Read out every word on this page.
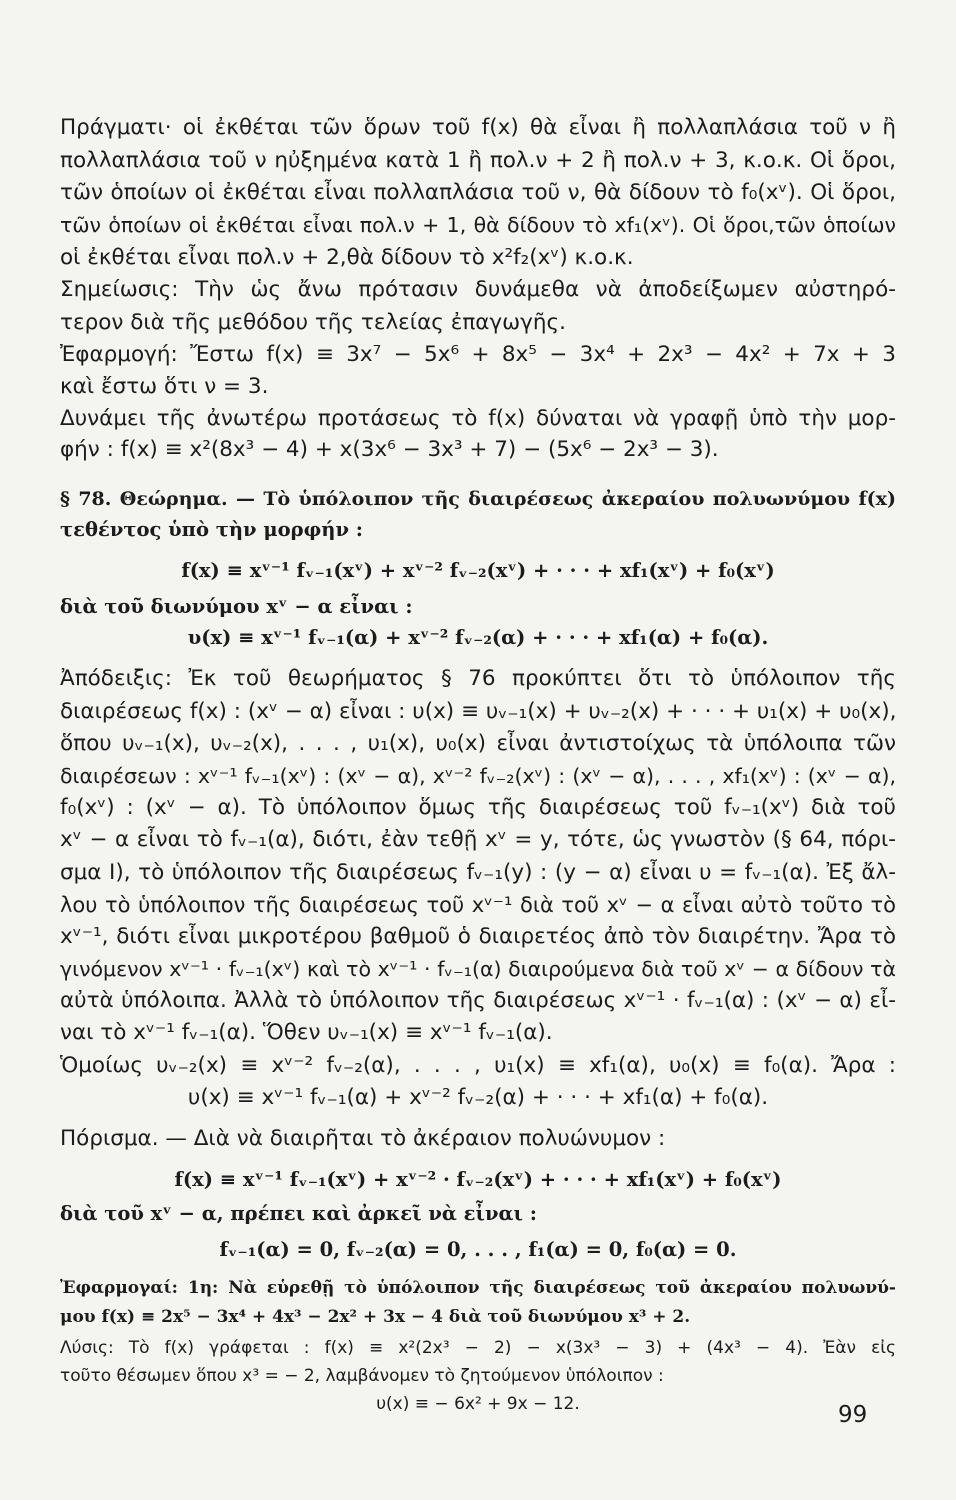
Πράγματι· οἱ ἐκθέται τῶν ὅρων τοῦ f(x) θὰ εἶναι ἢ πολλαπλάσια τοῦ ν ἢ
πολλαπλάσια τοῦ ν ηὐξημένα κατὰ 1 ἢ πολ.ν + 2 ἢ πολ.ν + 3, κ.ο.κ. Οἱ ὅροι,
τῶν ὁποίων οἱ ἐκθέται εἶναι πολλαπλάσια τοῦ ν, θὰ δίδουν τὸ f₀(xᵛ). Οἱ ὅροι,
τῶν ὁποίων οἱ ἐκθέται εἶναι πολ.ν + 1, θὰ δίδουν τὸ xf₁(xᵛ). Οἱ ὅροι,τῶν ὁποίων
οἱ ἐκθέται εἶναι πολ.ν + 2,θὰ δίδουν τὸ x²f₂(xᵛ) κ.ο.κ.
Σημείωσις: Τὴν ὡς ἄνω πρότασιν δυνάμεθα νὰ ἀποδείξωμεν αὐστηρό-
τερον διὰ τῆς μεθόδου τῆς τελείας ἐπαγωγῆς.
Ἐφαρμογή: Ἔστω f(x) ≡ 3x⁷ − 5x⁶ + 8x⁵ − 3x⁴ + 2x³ − 4x² + 7x + 3
καὶ ἔστω ὅτι ν = 3.
Δυνάμει τῆς ἀνωτέρω προτάσεως τὸ f(x) δύναται νὰ γραφῇ ὑπὸ τὴν μορ-
φήν : f(x) ≡ x²(8x³ − 4) + x(3x⁶ − 3x³ + 7) − (5x⁶ − 2x³ − 3).
§ 78. Θεώρημα. — Τὸ ὑπόλοιπον τῆς διαιρέσεως ἀκεραίου πολυωνύμου f(x)
τεθέντος ὑπὸ τὴν μορφήν :
f(x) ≡ xᵛ⁻¹ fᵥ₋₁(xᵛ) + xᵛ⁻² fᵥ₋₂(xᵛ) + · · · + xf₁(xᵛ) + f₀(xᵛ)
διὰ τοῦ διωνύμου xᵛ − α εἶναι :
υ(x) ≡ xᵛ⁻¹ fᵥ₋₁(α) + xᵛ⁻² fᵥ₋₂(α) + · · · + xf₁(α) + f₀(α).
Ἀπόδειξις: Ἐκ τοῦ θεωρήματος § 76 προκύπτει ὅτι τὸ ὑπόλοιπον τῆς
διαιρέσεως f(x) : (xᵛ − α) εἶναι : υ(x) ≡ υᵥ₋₁(x) + υᵥ₋₂(x) + · · · + υ₁(x) + υ₀(x),
ὅπου υᵥ₋₁(x), υᵥ₋₂(x), . . . , υ₁(x), υ₀(x) εἶναι ἀντιστοίχως τὰ ὑπόλοιπα τῶν
διαιρέσεων : xᵛ⁻¹ fᵥ₋₁(xᵛ) : (xᵛ − α), xᵛ⁻² fᵥ₋₂(xᵛ) : (xᵛ − α), . . . , xf₁(xᵛ) : (xᵛ − α),
f₀(xᵛ) : (xᵛ − α). Τὸ ὑπόλοιπον ὅμως τῆς διαιρέσεως τοῦ fᵥ₋₁(xᵛ) διὰ τοῦ
xᵛ − α εἶναι τὸ fᵥ₋₁(α), διότι, ἐὰν τεθῇ xᵛ = y, τότε, ὡς γνωστὸν (§ 64, πόρι-
σμα I), τὸ ὑπόλοιπον τῆς διαιρέσεως fᵥ₋₁(y) : (y − α) εἶναι υ = fᵥ₋₁(α). Ἐξ ἄλ-
λου τὸ ὑπόλοιπον τῆς διαιρέσεως τοῦ xᵛ⁻¹ διὰ τοῦ xᵛ − α εἶναι αὐτὸ τοῦτο τὸ
xᵛ⁻¹, διότι εἶναι μικροτέρου βαθμοῦ ὁ διαιρετέος ἀπὸ τὸν διαιρέτην. Ἄρα τὸ
γινόμενον xᵛ⁻¹ · fᵥ₋₁(xᵛ) καὶ τὸ xᵛ⁻¹ · fᵥ₋₁(α) διαιρούμενα διὰ τοῦ xᵛ − α δίδουν τὰ
αὐτὰ ὑπόλοιπα. Ἀλλὰ τὸ ὑπόλοιπον τῆς διαιρέσεως xᵛ⁻¹ · fᵥ₋₁(α) : (xᵛ − α) εἶ-
ναι τὸ xᵛ⁻¹ fᵥ₋₁(α). Ὅθεν υᵥ₋₁(x) ≡ xᵛ⁻¹ fᵥ₋₁(α).
Ὁμοίως υᵥ₋₂(x) ≡ xᵛ⁻² fᵥ₋₂(α), . . . , υ₁(x) ≡ xf₁(α), υ₀(x) ≡ f₀(α). Ἄρα :
υ(x) ≡ xᵛ⁻¹ fᵥ₋₁(α) + xᵛ⁻² fᵥ₋₂(α) + · · · + xf₁(α) + f₀(α).
Πόρισμα. — Διὰ νὰ διαιρῆται τὸ ἀκέραιον πολυώνυμον :
f(x) ≡ xᵛ⁻¹ fᵥ₋₁(xᵛ) + xᵛ⁻² · fᵥ₋₂(xᵛ) + · · · + xf₁(xᵛ) + f₀(xᵛ)
διὰ τοῦ xᵛ − α, πρέπει καὶ ἀρκεῖ νὰ εἶναι :
fᵥ₋₁(α) = 0, fᵥ₋₂(α) = 0, . . . , f₁(α) = 0, f₀(α) = 0.
Ἐφαρμογαί: 1η: Νὰ εὑρεθῇ τὸ ὑπόλοιπον τῆς διαιρέσεως τοῦ ἀκεραίου πολυωνύ-
μου f(x) ≡ 2x⁵ − 3x⁴ + 4x³ − 2x² + 3x − 4 διὰ τοῦ διωνύμου x³ + 2.
Λύσις: Τὸ f(x) γράφεται : f(x) ≡ x²(2x³ − 2) − x(3x³ − 3) + (4x³ − 4). Ἐὰν εἰς
τοῦτο θέσωμεν ὅπου x³ = − 2, λαμβάνομεν τὸ ζητούμενον ὑπόλοιπον :
υ(x) ≡ − 6x² + 9x − 12.	99
